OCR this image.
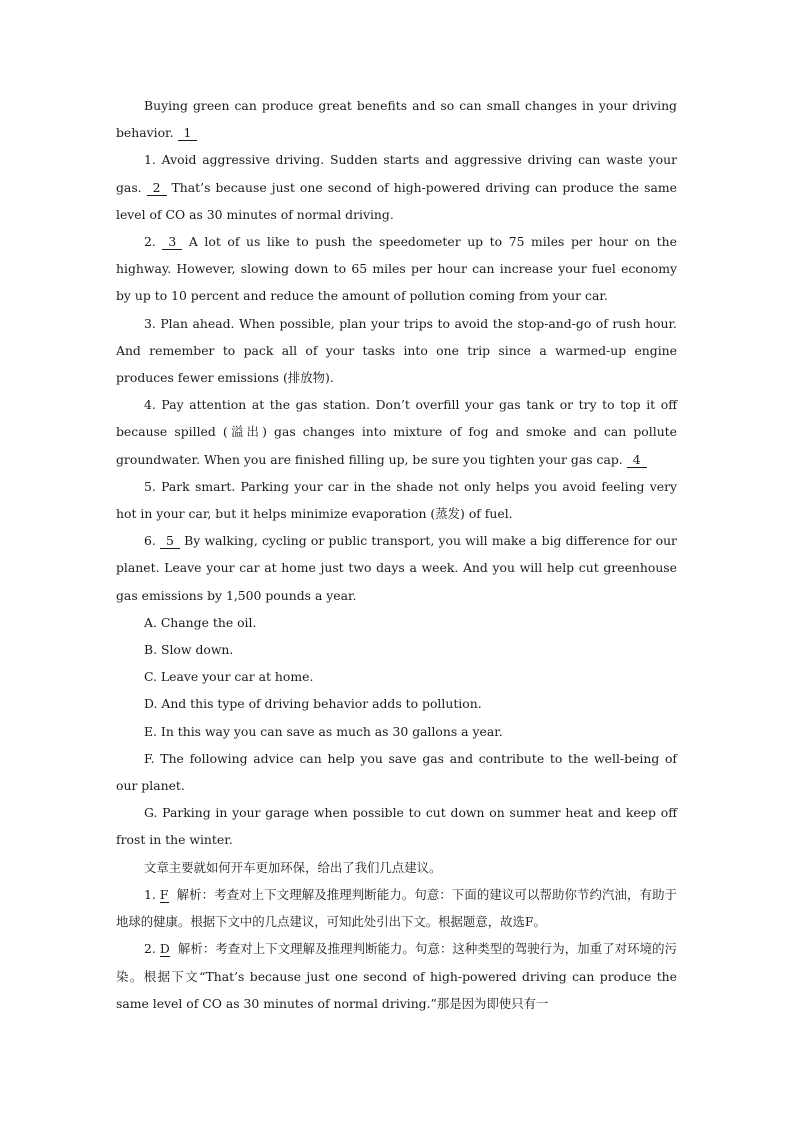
Buying green can produce great benefits and so can small changes in your driving behavior. 1

1. Avoid aggressive driving. Sudden starts and aggressive driving can waste your gas. 2 That’s because just one second of high-powered driving can produce the same level of CO as 30 minutes of normal driving.

2. 3 A lot of us like to push the speedometer up to 75 miles per hour on the highway. However, slowing down to 65 miles per hour can increase your fuel economy by up to 10 percent and reduce the amount of pollution coming from your car.

3. Plan ahead. When possible, plan your trips to avoid the stop-and-go of rush hour. And remember to pack all of your tasks into one trip since a warmed-up engine produces fewer emissions (排放物).

4. Pay attention at the gas station. Don’t overfill your gas tank or try to top it off because spilled (溢出) gas changes into mixture of fog and smoke and can pollute groundwater. When you are finished filling up, be sure you tighten your gas cap. 4

5. Park smart. Parking your car in the shade not only helps you avoid feeling very hot in your car, but it helps minimize evaporation (蒸发) of fuel.

6. 5 By walking, cycling or public transport, you will make a big difference for our planet. Leave your car at home just two days a week. And you will help cut greenhouse gas emissions by 1,500 pounds a year.

A. Change the oil.

B. Slow down.

C. Leave your car at home.

D. And this type of driving behavior adds to pollution.

E. In this way you can save as much as 30 gallons a year.

F. The following advice can help you save gas and contribute to the well-being of our planet.

G. Parking in your garage when possible to cut down on summer heat and keep off frost in the winter.

文章主要就如何开车更加环保，给出了我们几点建议。

1. F 解析：考查对上下文理解及推理判断能力。句意：下面的建议可以帮助你节约汽油，有助于地球的健康。根据下文中的几点建议，可知此处引出下文。根据题意，故选F。

2. D 解析：考查对上下文理解及推理判断能力。句意：这种类型的驾驶行为，加重了对环境的污染。根据下文“That’s because just one second of high-powered driving can produce the same level of CO as 30 minutes of normal driving.”那是因为即使只有一
